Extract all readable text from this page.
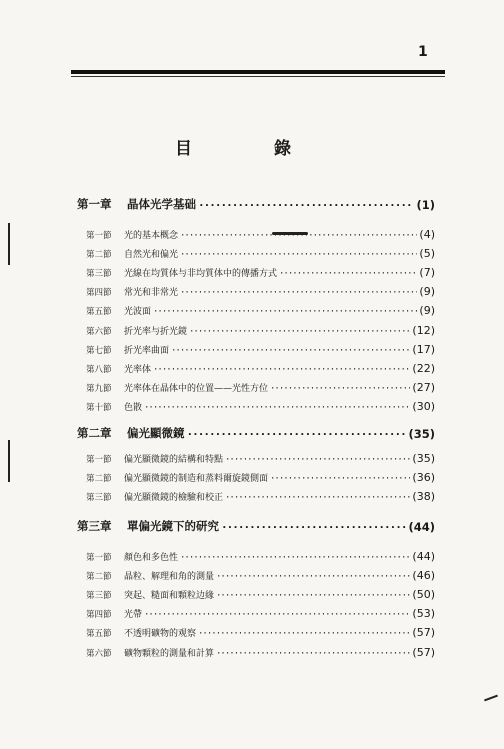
1
目 錄
第一章	晶体光学基础 ·····	(1)
第一節	光的基本概念 ·····	(4)
第二節	自然光和偏光 ·····	(5)
第三節	光線在均質体与非均質体中的傳播方式 ·····	(7)
第四節	常光和非常光 ·····	(9)
第五節	光波面 ·····	(9)
第六節	折光率与折光鏡 ·····	(12)
第七節	折光率曲面 ·····	(17)
第八節	光率体 ·····	(22)
第九節	光率体在晶体中的位置——光性方位 ·····	(27)
第十節	色散 ·····	(30)
第二章	偏光顯微鏡 ·····	(35)
第一節	偏光顯微鏡的結構和特點 ·····	(35)
第二節	偏光顯微鏡的制造和蒸料爾旋鏡側面 ·····	(36)
第三節	偏光顯微鏡的檢驗和校正 ·····	(38)
第三章	單偏光鏡下的研究 ·····	(44)
第一節	顏色和多色性 ·····	(44)
第二節	晶粒、解理和角的測量 ·····	(46)
第三節	突起、糙面和顆粒边緣 ·····	(50)
第四節	光帶 ·····	(53)
第五節	不透明礦物的观察 ·····	(57)
第六節	礦物顆粒的測量和計算 ·····	(57)
